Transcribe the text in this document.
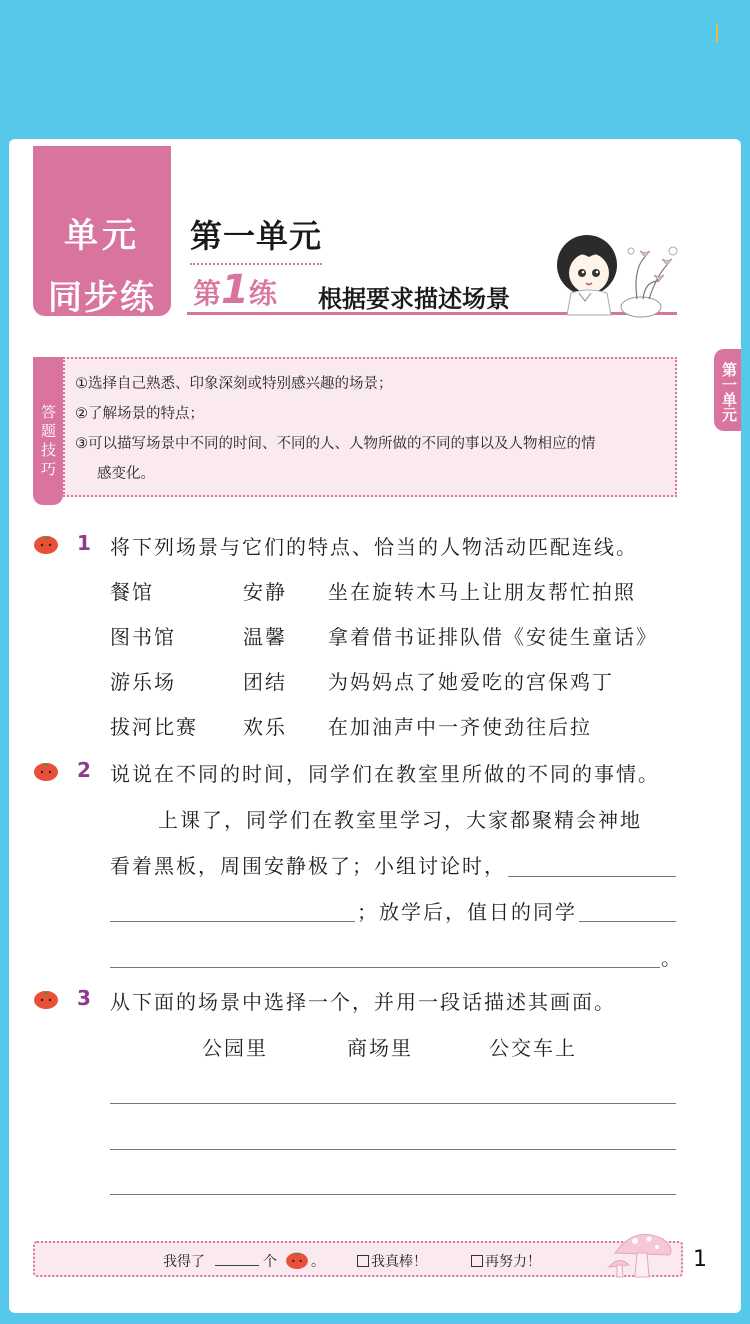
单元
同步练
第一单元
第1练 根据要求描述场景
第一单元
答题技巧
①选择自己熟悉、印象深刻或特别感兴趣的场景；
②了解场景的特点；
③可以描写场景中不同的时间、不同的人、人物所做的不同的事以及人物相应的情
感变化。
1 将下列场景与它们的特点、恰当的人物活动匹配连线。
餐馆	安静 坐在旋转木马上让朋友帮忙拍照
图书馆	温馨 拿着借书证排队借《安徒生童话》
游乐场	团结 为妈妈点了她爱吃的宫保鸡丁
拔河比赛 欢乐 在加油声中一齐使劲往后拉
2 说说在不同的时间，同学们在教室里所做的不同的事情。
上课了，同学们在教室里学习，大家都聚精会神地
看着黑板，周围安静极了；小组讨论时，
；放学后，值日的同学
。
3 从下面的场景中选择一个，并用一段话描述其画面。
公园里	商场里	公交车上
我得了	个 。	我真棒！	再努力！	1
